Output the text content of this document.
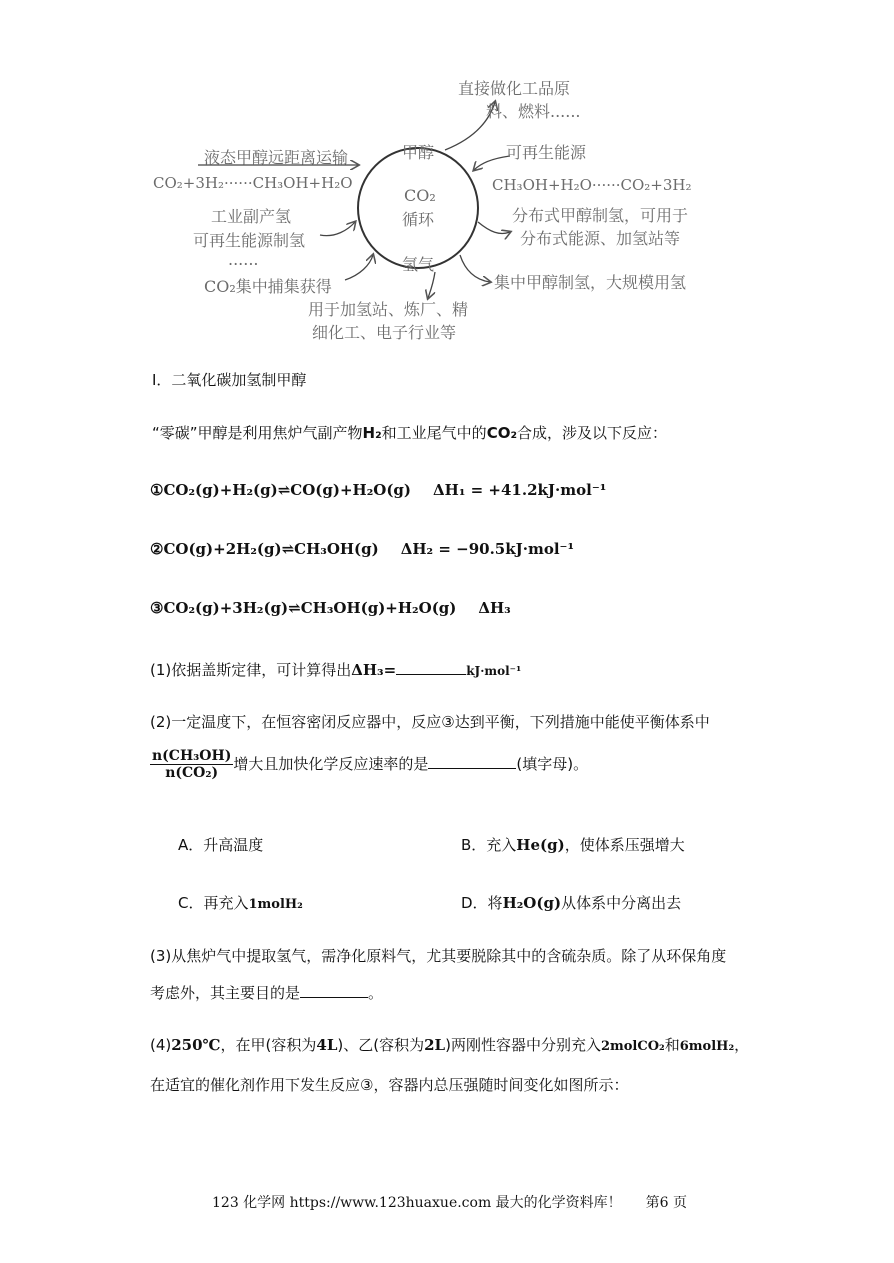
直接做化工品原
料、燃料......
甲醇	可再生能源
液态甲醇远距离运输
CO₂+3H₂······CH₃OH+H₂O	CH₃OH+H₂O······CO₂+3H₂
CO₂
循环
工业副产氢
可再生能源制氢
......
CO₂集中捕集获得
分布式甲醇制氢，可用于
分布式能源、加氢站等
氢气
集中甲醇制氢，大规模用氢
用于加氢站、炼厂、精
细化工、电子行业等
I．二氧化碳加氢制甲醇
“零碳”甲醇是利用焦炉气副产物H₂和工业尾气中的CO₂合成，涉及以下反应：
①CO₂(g)+H₂(g)⇌CO(g)+H₂O(g) ΔH₁ = +41.2kJ·mol⁻¹
②CO(g)+2H₂(g)⇌CH₃OH(g) ΔH₂ = −90.5kJ·mol⁻¹
③CO₂(g)+3H₂(g)⇌CH₃OH(g)+H₂O(g) ΔH₃
(1)依据盖斯定律，可计算得出ΔH₃=	kJ·mol⁻¹
(2)一定温度下，在恒容密闭反应器中，反应③达到平衡，下列措施中能使平衡体系中
$\frac{\text{n(CH₃OH)}}{\text{n(CO₂)}}$ 增大且加快化学反应速率的是	(填字母)。
A．升高温度	B．充入He(g)，使体系压强增大
C．再充入1molH₂	D．将H₂O(g)从体系中分离出去
(3)从焦炉气中提取氢气，需净化原料气，尤其要脱除其中的含硫杂质。除了从环保角度
考虑外，其主要目的是	。
(4)250℃，在甲(容积为4L)、乙(容积为2L)两刚性容器中分别充入2molCO₂和6molH₂，
在适宜的催化剂作用下发生反应③，容器内总压强随时间变化如图所示：
123 化学网 https://www.123huaxue.com 最大的化学资料库！ 第6 页
